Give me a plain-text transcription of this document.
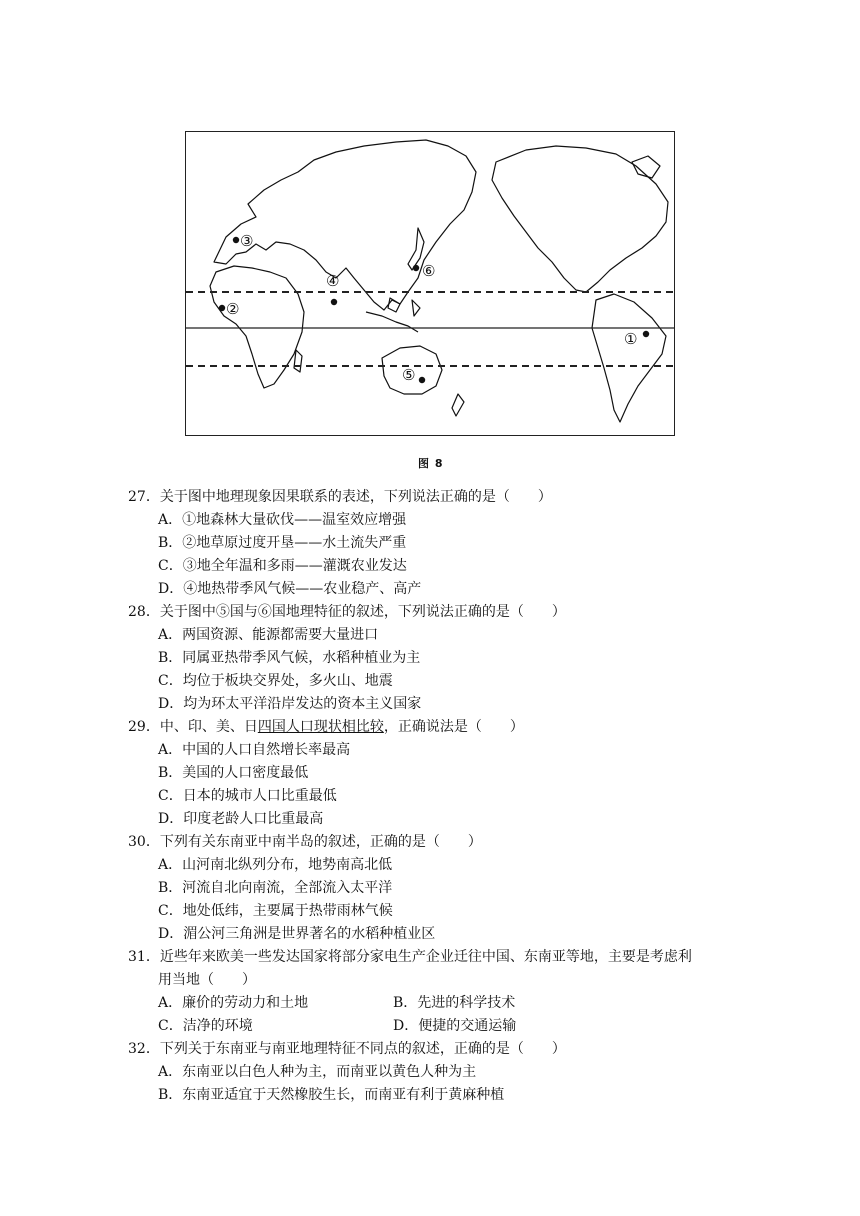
①
②
③
④
⑤
⑥
图 8
27．关于图中地理现象因果联系的表述，下列说法正确的是（　　）
A．①地森林大量砍伐——温室效应增强
B．②地草原过度开垦——水土流失严重
C．③地全年温和多雨——灌溉农业发达
D．④地热带季风气候——农业稳产、高产
28．关于图中⑤国与⑥国地理特征的叙述，下列说法正确的是（　　）
A．两国资源、能源都需要大量进口
B．同属亚热带季风气候，水稻种植业为主
C．均位于板块交界处，多火山、地震
D．均为环太平洋沿岸发达的资本主义国家
29．中、印、美、日四国人口现状相比较，正确说法是（　　）
A．中国的人口自然增长率最高
B．美国的人口密度最低
C．日本的城市人口比重最低
D．印度老龄人口比重最高
30．下列有关东南亚中南半岛的叙述，正确的是（　　）
A．山河南北纵列分布，地势南高北低
B．河流自北向南流，全部流入太平洋
C．地处低纬，主要属于热带雨林气候
D．湄公河三角洲是世界著名的水稻种植业区
31．近些年来欧美一些发达国家将部分家电生产企业迁往中国、东南亚等地，主要是考虑利
用当地（　　）
A．廉价的劳动力和土地	B．先进的科学技术
C．洁净的环境	D．便捷的交通运输
32．下列关于东南亚与南亚地理特征不同点的叙述，正确的是（　　）
A．东南亚以白色人种为主，而南亚以黄色人种为主
B．东南亚适宜于天然橡胶生长，而南亚有利于黄麻种植
